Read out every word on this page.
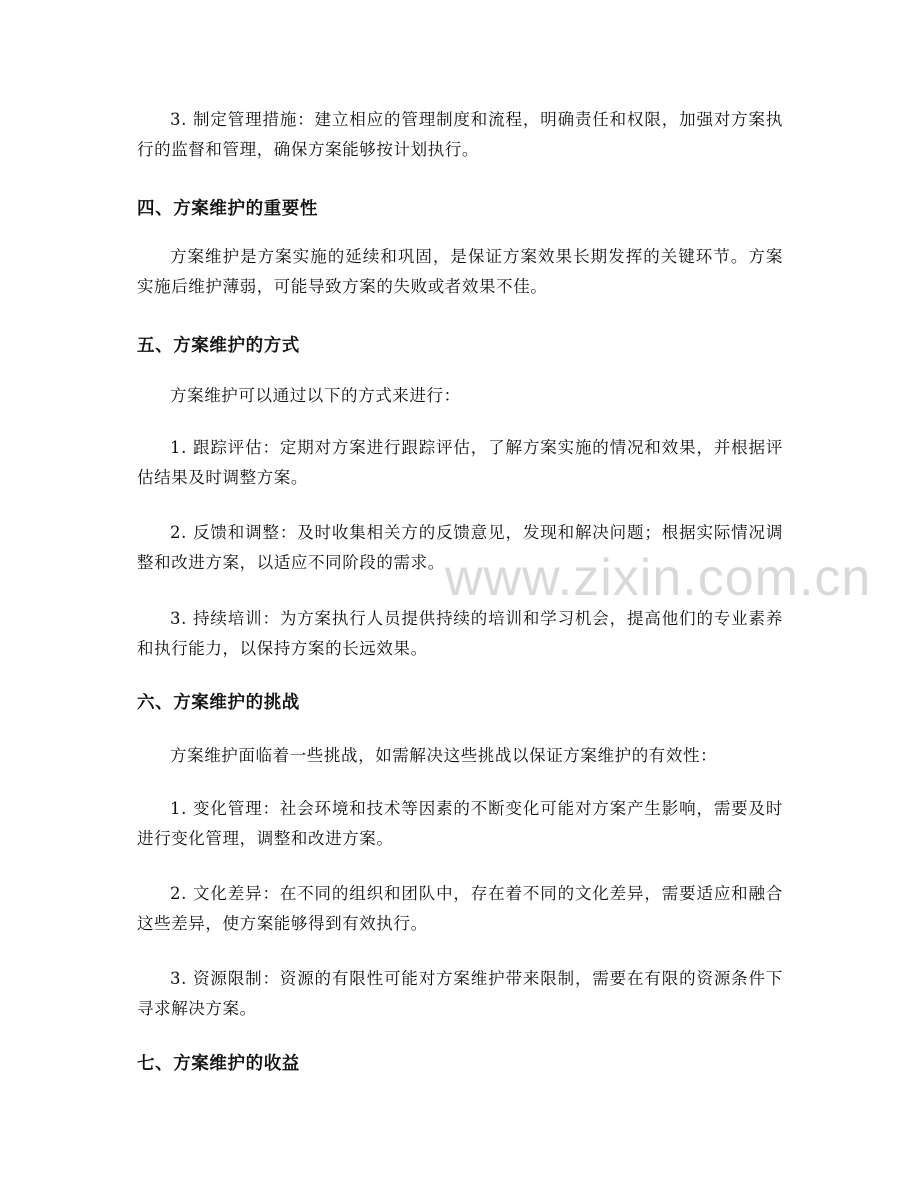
3. 制定管理措施：建立相应的管理制度和流程，明确责任和权限，加强对方案执行的监督和管理，确保方案能够按计划执行。

四、方案维护的重要性

方案维护是方案实施的延续和巩固，是保证方案效果长期发挥的关键环节。方案实施后维护薄弱，可能导致方案的失败或者效果不佳。

五、方案维护的方式

方案维护可以通过以下的方式来进行：

1. 跟踪评估：定期对方案进行跟踪评估，了解方案实施的情况和效果，并根据评估结果及时调整方案。

2. 反馈和调整：及时收集相关方的反馈意见，发现和解决问题；根据实际情况调整和改进方案，以适应不同阶段的需求。

3. 持续培训：为方案执行人员提供持续的培训和学习机会，提高他们的专业素养和执行能力，以保持方案的长远效果。

六、方案维护的挑战

方案维护面临着一些挑战，如需解决这些挑战以保证方案维护的有效性：

1. 变化管理：社会环境和技术等因素的不断变化可能对方案产生影响，需要及时进行变化管理，调整和改进方案。

2. 文化差异：在不同的组织和团队中，存在着不同的文化差异，需要适应和融合这些差异，使方案能够得到有效执行。

3. 资源限制：资源的有限性可能对方案维护带来限制，需要在有限的资源条件下寻求解决方案。

七、方案维护的收益
www.zixin.com.cn
